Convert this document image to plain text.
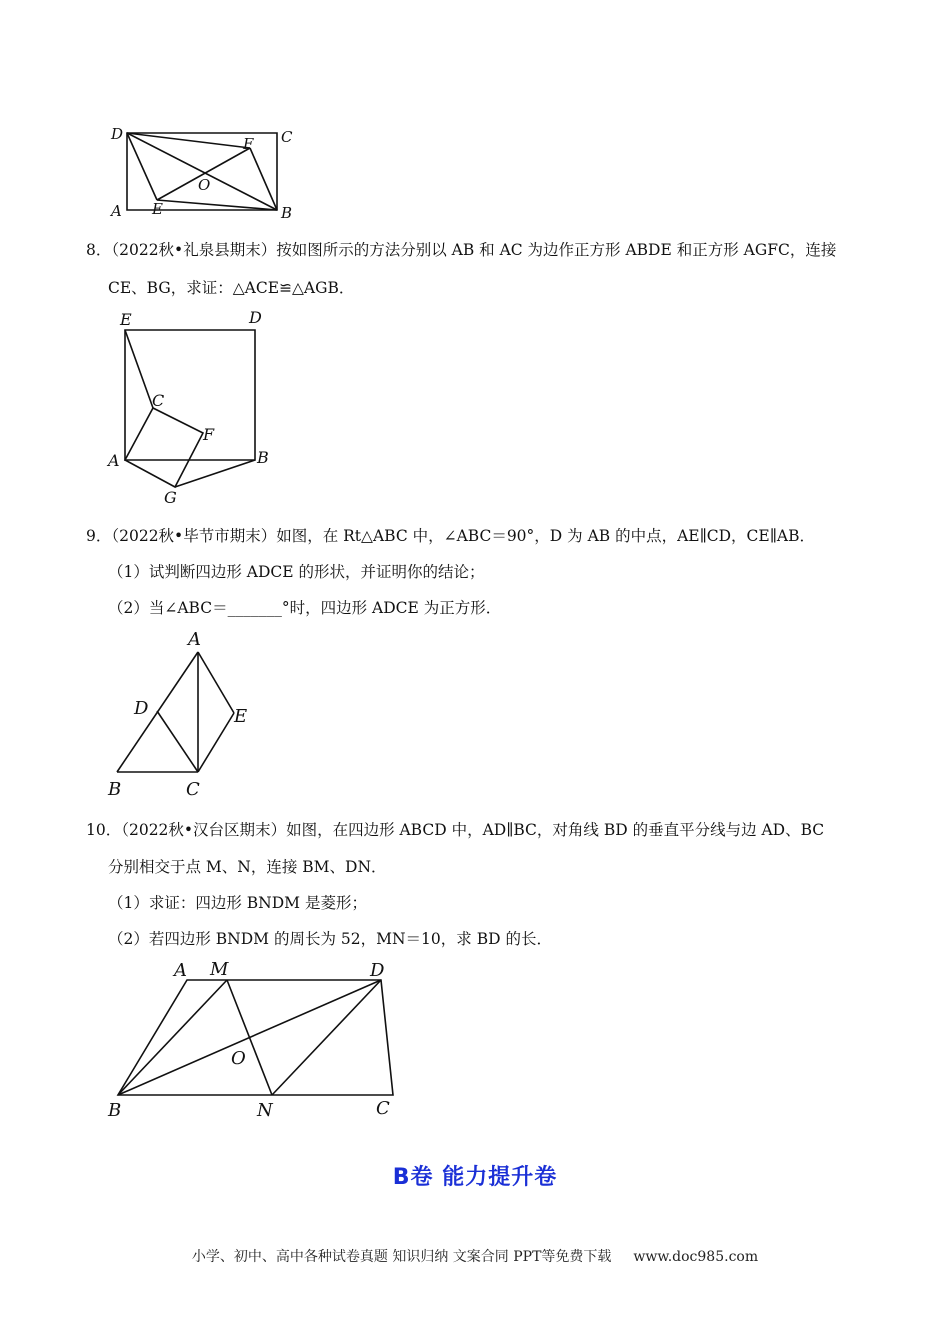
D	C
A	B
E
F
O
8．（2022秋•礼泉县期末）按如图所示的方法分别以 AB 和 AC 为边作正方形 ABDE 和正方形 AGFC，连接
CE、BG，求证：△ACE≌△AGB．
E	D
C
F
A	B
G
9．（2022秋•毕节市期末）如图，在 Rt△ABC 中，∠ABC＝90°，D 为 AB 的中点，AE∥CD，CE∥AB．
（1）试判断四边形 ADCE 的形状，并证明你的结论；
（2）当∠ABC＝_______°时，四边形 ADCE 为正方形．
A
D	E
B	C
10．（2022秋•汉台区期末）如图，在四边形 ABCD 中，AD∥BC，对角线 BD 的垂直平分线与边 AD、BC
分别相交于点 M、N，连接 BM、DN．
（1）求证：四边形 BNDM 是菱形；
（2）若四边形 BNDM 的周长为 52，MN＝10，求 BD 的长．
A M	D
O
B	N	C
B卷 能力提升卷
小学、初中、高中各种试卷真题 知识归纳 文案合同 PPT等免费下载 www.doc985.com
